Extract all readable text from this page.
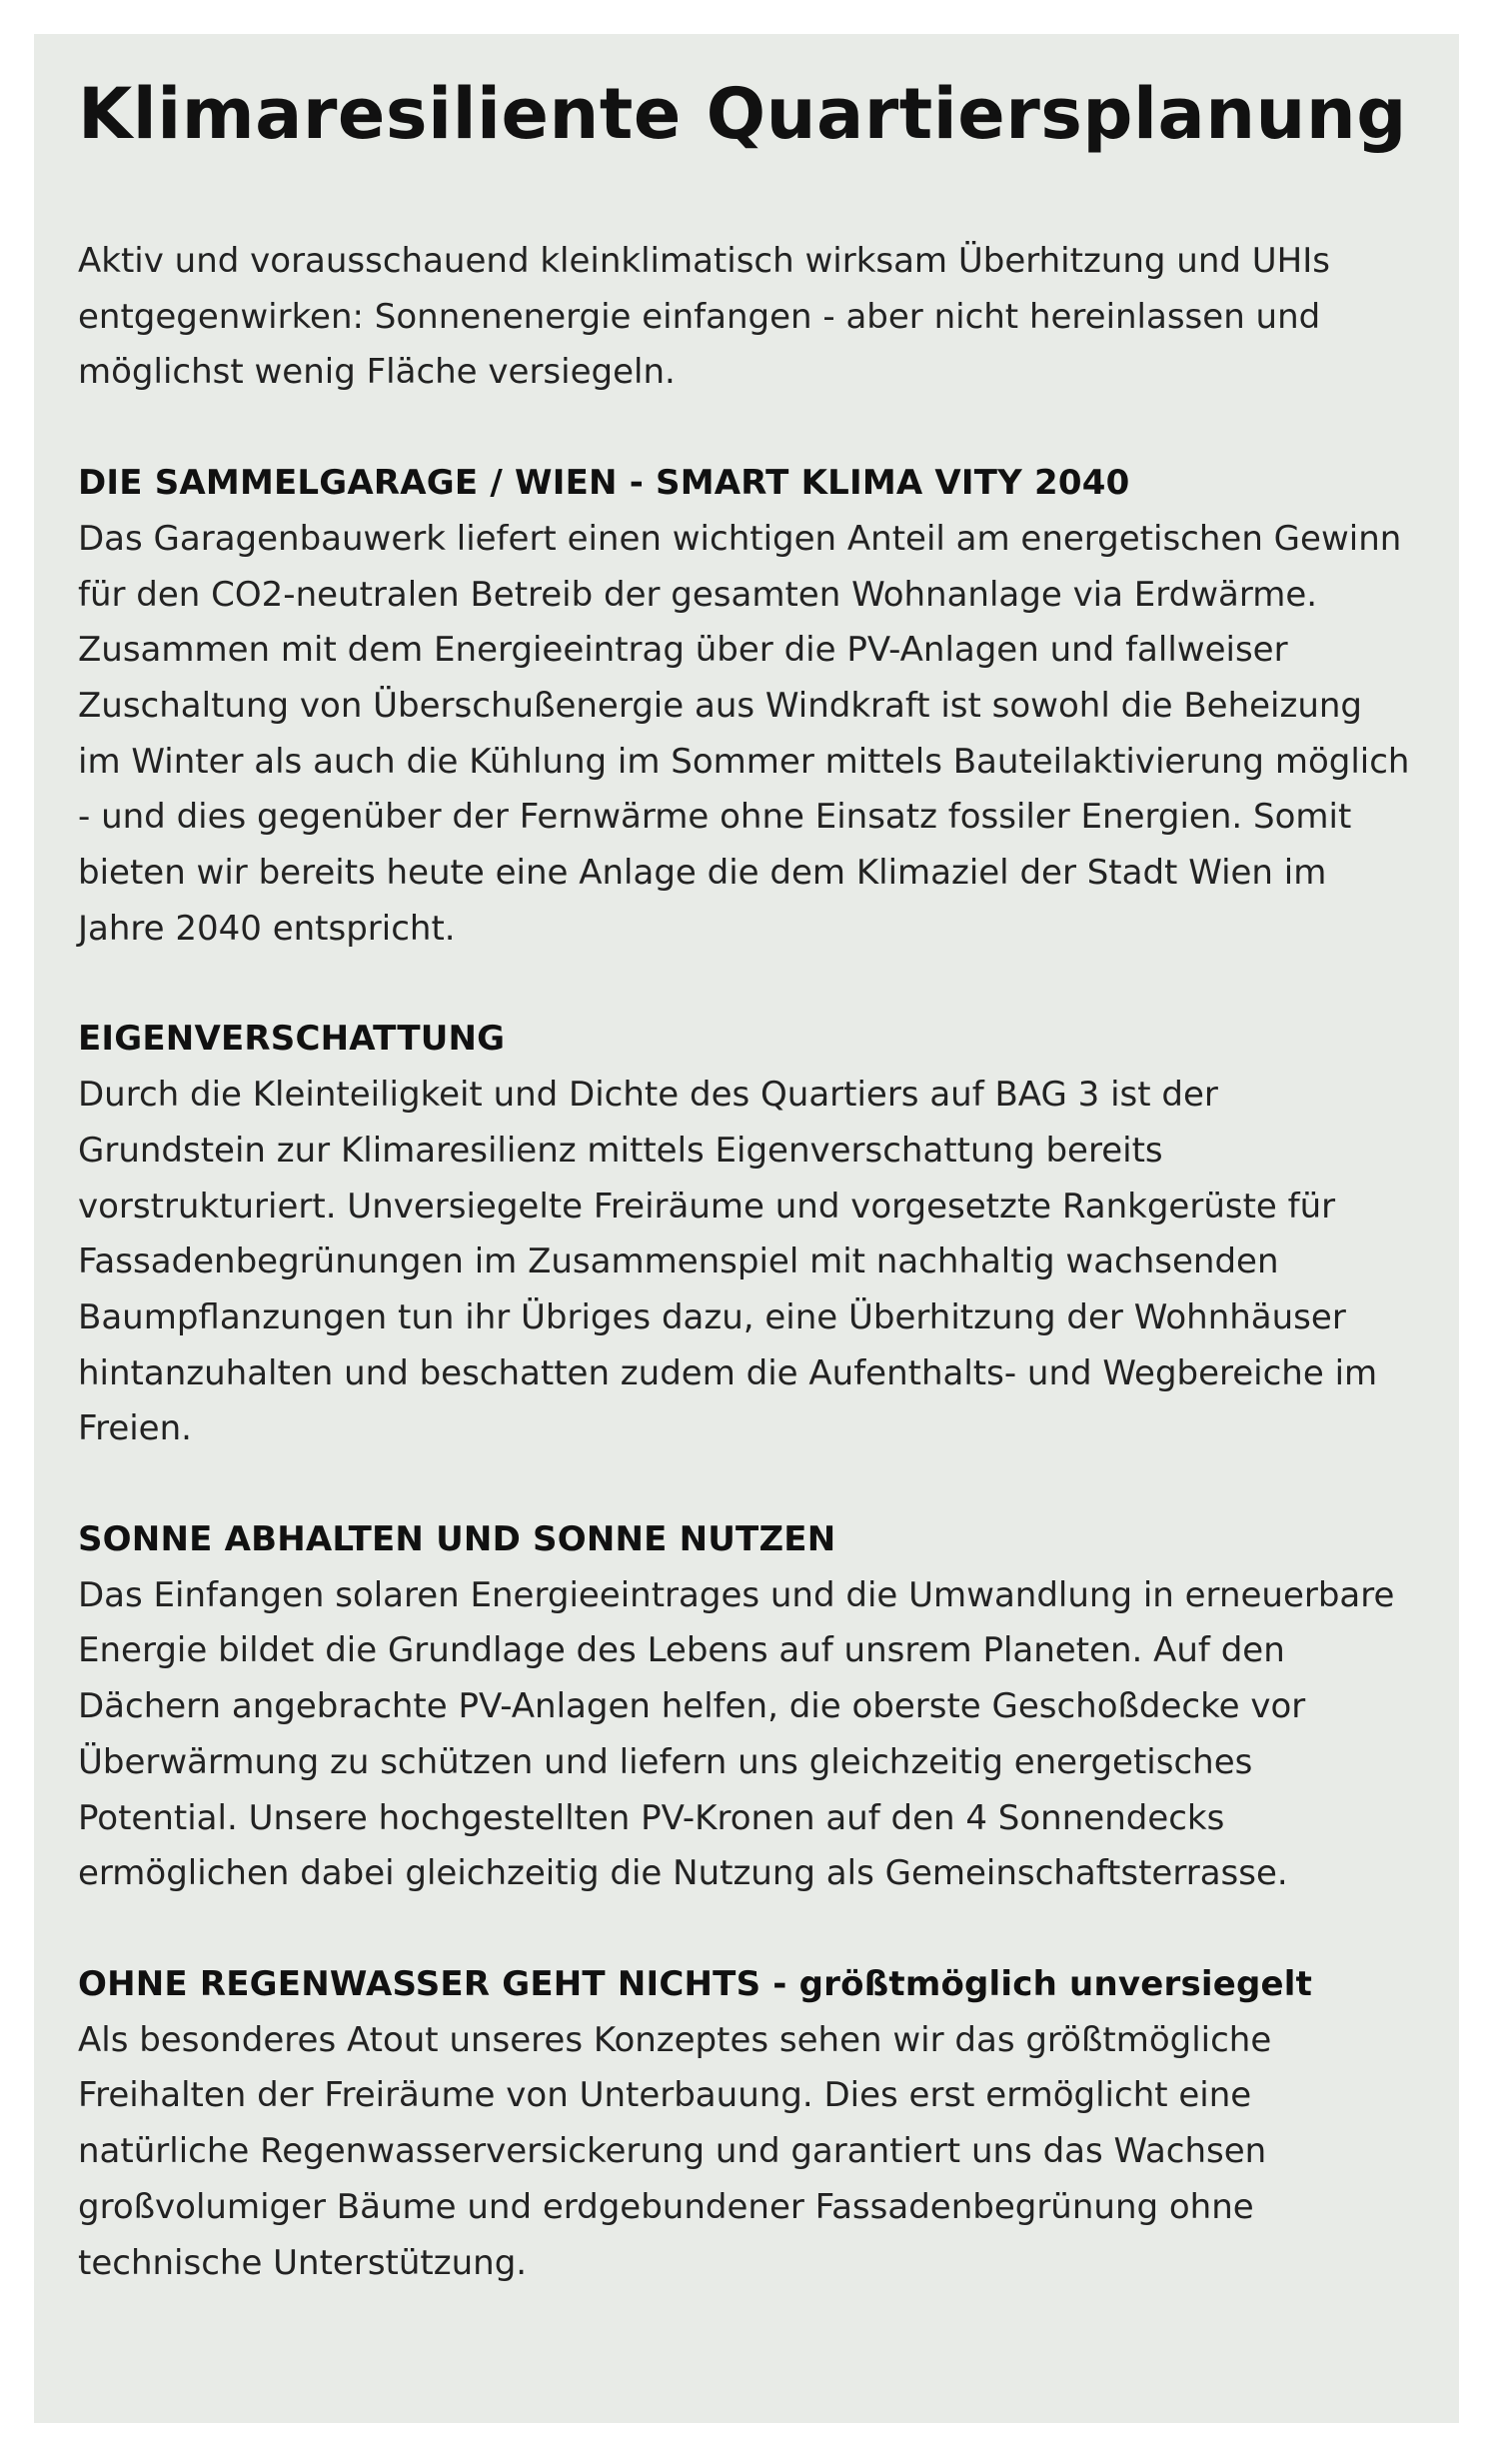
Klimaresiliente Quartiersplanung

Aktiv und vorausschauend kleinklimatisch wirksam Überhitzung und UHIs entgegenwirken: Sonnenenergie einfangen - aber nicht hereinlassen und möglichst wenig Fläche versiegeln.

DIE SAMMELGARAGE / WIEN - SMART KLIMA VITY 2040

Das Garagenbauwerk liefert einen wichtigen Anteil am energetischen Gewinn für den CO2-neutralen Betreib der gesamten Wohnanlage via Erdwärme. Zusammen mit dem Energieeintrag über die PV-Anlagen und fallweiser Zuschaltung von Überschußenergie aus Windkraft ist sowohl die Beheizung im Winter als auch die Kühlung im Sommer mittels Bauteilaktivierung möglich - und dies gegenüber der Fernwärme ohne Einsatz fossiler Energien. Somit bieten wir bereits heute eine Anlage die dem Klimaziel der Stadt Wien im Jahre 2040 entspricht.

EIGENVERSCHATTUNG

Durch die Kleinteiligkeit und Dichte des Quartiers auf BAG 3 ist der Grundstein zur Klimaresilienz mittels Eigenverschattung bereits vorstrukturiert. Unversiegelte Freiräume und vorgesetzte Rankgerüste für Fassadenbegrünungen im Zusammenspiel mit nachhaltig wachsenden Baumpflanzungen tun ihr Übriges dazu, eine Überhitzung der Wohnhäuser hintanzuhalten und beschatten zudem die Aufenthalts- und Wegbereiche im Freien.

SONNE ABHALTEN UND SONNE NUTZEN

Das Einfangen solaren Energieeintrages und die Umwandlung in erneuerbare Energie bildet die Grundlage des Lebens auf unsrem Planeten. Auf den Dächern angebrachte PV-Anlagen helfen, die oberste Geschoßdecke vor Überwärmung zu schützen und liefern uns gleichzeitig energetisches Potential. Unsere hochgestellten PV-Kronen auf den 4 Sonnendecks ermöglichen dabei gleichzeitig die Nutzung als Gemeinschaftsterrasse.

OHNE REGENWASSER GEHT NICHTS - größtmöglich unversiegelt

Als besonderes Atout unseres Konzeptes sehen wir das größtmögliche Freihalten der Freiräume von Unterbauung. Dies erst ermöglicht eine natürliche Regenwasserversickerung und garantiert uns das Wachsen großvolumiger Bäume und erdgebundener Fassadenbegrünung ohne technische Unterstützung.
